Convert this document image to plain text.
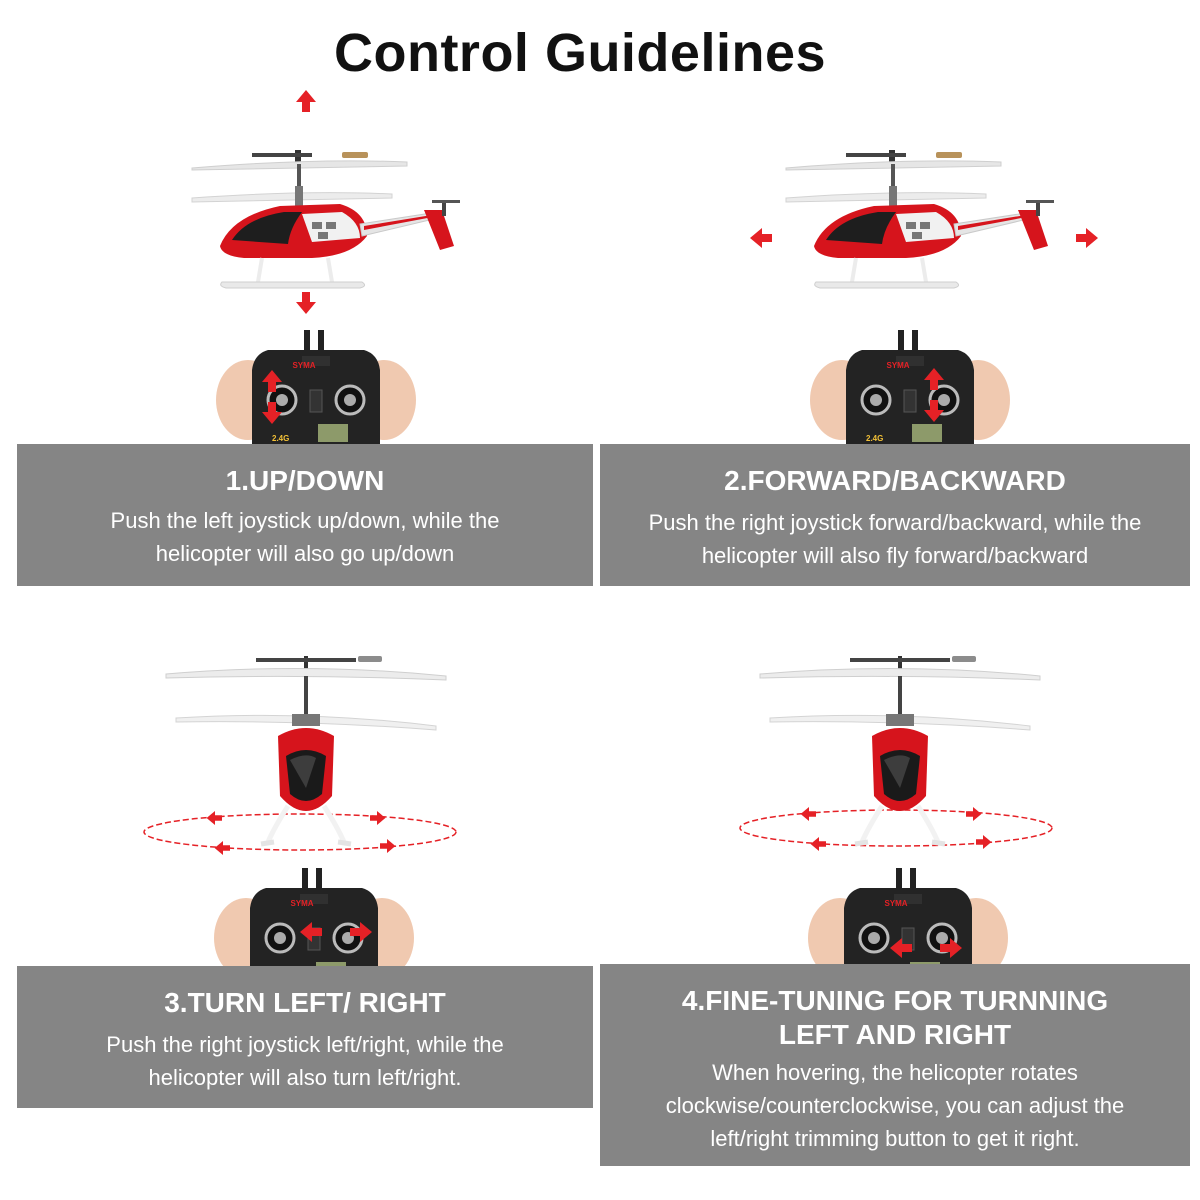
Control Guidelines
SYMA
2.4G
1.UP/DOWN
Push the left joystick up/down, while the helicopter will also go up/down
SYMA
2.4G
2.FORWARD/BACKWARD
Push the right joystick forward/backward, while the helicopter will also fly forward/backward
SYMA
3.TURN LEFT/ RIGHT
Push the right joystick left/right, while the helicopter will also turn left/right.
SYMA
4.FINE-TUNING FOR TURNNING LEFT AND RIGHT
When hovering, the helicopter rotates clockwise/counterclockwise, you can adjust the left/right trimming button to get it right.
